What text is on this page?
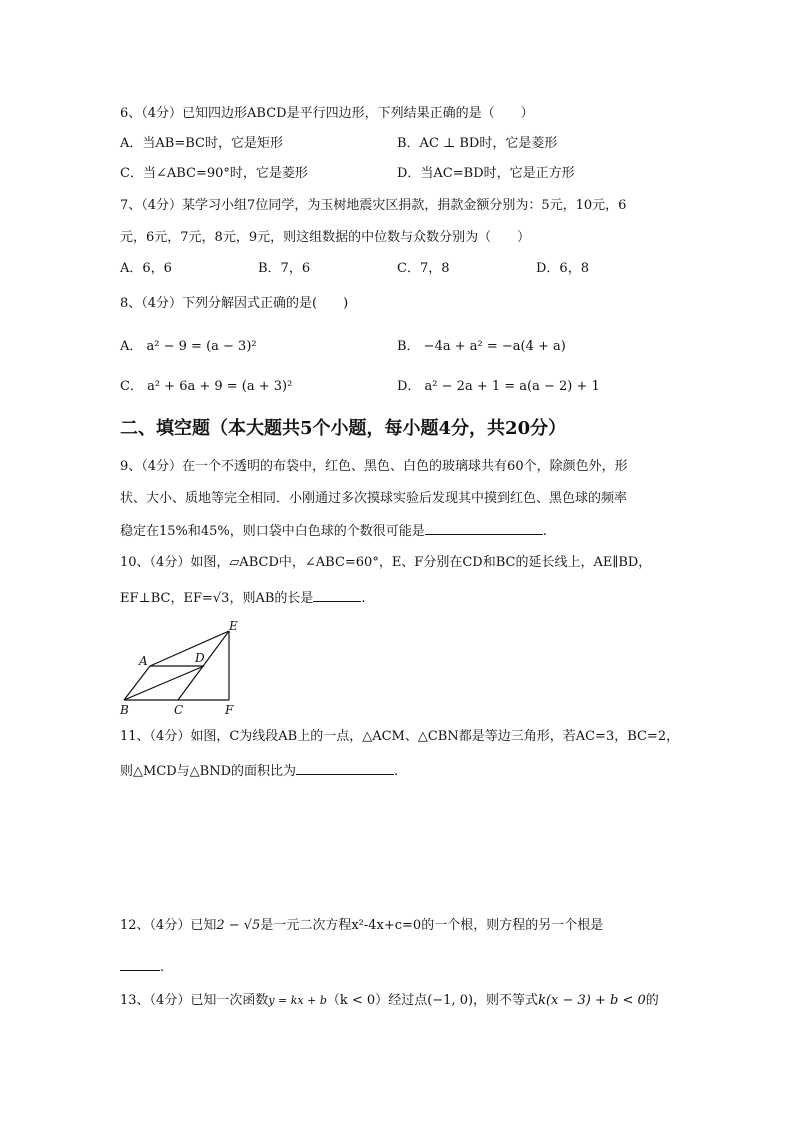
6、（4分）已知四边形ABCD是平行四边形，下列结果正确的是（　　）
A．当AB=BC时，它是矩形	B．AC ⊥ BD时，它是菱形
C．当∠ABC=90°时，它是菱形	D．当AC=BD时，它是正方形
7、（4分）某学习小组7位同学，为玉树地震灾区捐款，捐款金额分别为：5元，10元，6
元，6元，7元，8元，9元，则这组数据的中位数与众数分别为（　　）
A．6，6	B．7，6	C．7，8	D．6，8
8、（4分）下列分解因式正确的是(　　)
A． a² − 9 = (a − 3)²	B． −4a + a² = −a(4 + a)
C． a² + 6a + 9 = (a + 3)²	D． a² − 2a + 1 = a(a − 2) + 1
二、填空题（本大题共5个小题，每小题4分，共20分）
9、（4分）在一个不透明的布袋中，红色、黑色、白色的玻璃球共有60个，除颜色外，形
状、大小、质地等完全相同．小刚通过多次摸球实验后发现其中摸到红色、黑色球的频率
稳定在15%和45%，则口袋中白色球的个数很可能是	.
10、（4分）如图，▱ABCD中，∠ABC=60°，E、F分别在CD和BC的延长线上，AE∥BD，
EF⊥BC，EF=√3，则AB的长是	.
A	D
E
B	C	F
11、（4分）如图，C为线段AB上的一点，△ACM、△CBN都是等边三角形，若AC=3，BC=2，
则△MCD与△BND的面积比为	.
12、（4分）已知2 − √5是一元二次方程x²-4x+c=0的一个根，则方程的另一个根是
.
13、（4分）已知一次函数y = kx + b（k < 0）经过点(−1, 0)，则不等式k(x − 3) + b < 0的
